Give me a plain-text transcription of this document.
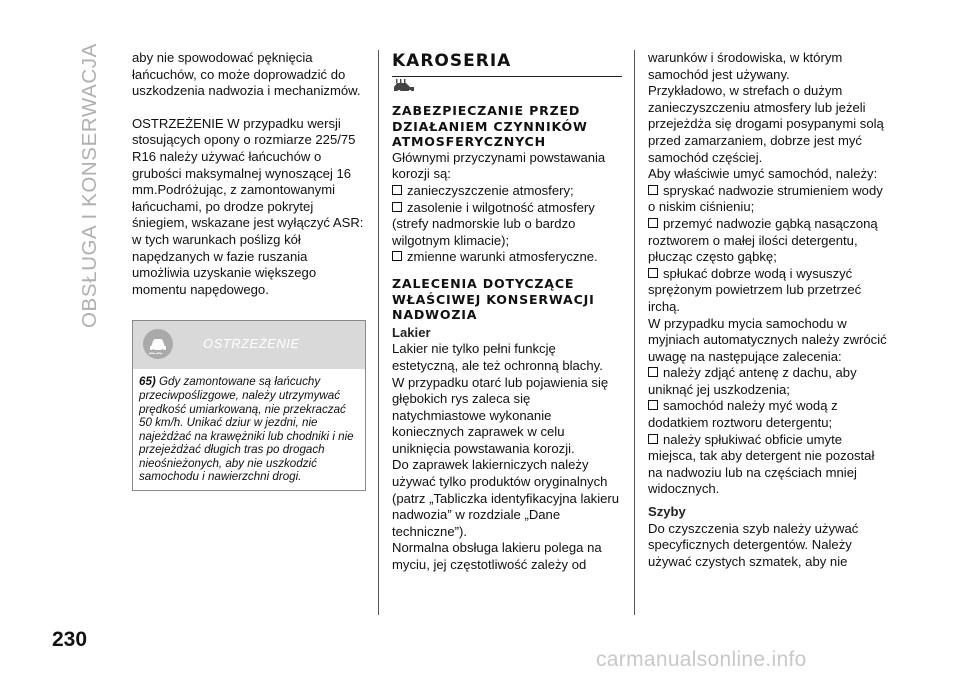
OBSŁUGA I KONSERWACJA
230

aby nie spowodować pęknięcia łańcuchów, co może doprowadzić do uszkodzenia nadwozia i mechanizmów.

OSTRZEŻENIE W przypadku wersji stosujących opony o rozmiarze 225/75 R16 należy używać łańcuchów o grubości maksymalnej wynoszącej 16 mm.Podróżując, z zamontowanymi łańcuchami, po drodze pokrytej śniegiem, wskazane jest wyłączyć ASR: w tych warunkach poślizg kół napędzanych w fazie ruszania umożliwia uzyskanie większego momentu napędowego.

OSTRZEŻENIE
65) Gdy zamontowane są łańcuchy przeciwpoślizgowe, należy utrzymywać prędkość umiarkowaną, nie przekraczać 50 km/h. Unikać dziur w jezdni, nie najeżdżać na krawężniki lub chodniki i nie przejeżdżać długich tras po drogach nieośnieżonych, aby nie uszkodzić samochodu i nawierzchni drogi.
KAROSERIA
ZABEZPIECZANIE PRZED DZIAŁANIEM CZYNNIKÓW ATMOSFERYCZNYCH

Głównymi przyczynami powstawania korozji są:

zanieczyszczenie atmosfery;
zasolenie i wilgotność atmosfery (strefy nadmorskie lub o bardzo wilgotnym klimacie);
zmienne warunki atmosferyczne.
ZALECENIA DOTYCZĄCE WŁAŚCIWEJ KONSERWACJI NADWOZIA
Lakier

Lakier nie tylko pełni funkcję estetyczną, ale też ochronną blachy.

W przypadku otarć lub pojawienia się głębokich rys zaleca się natychmiastowe wykonanie koniecznych zaprawek w celu uniknięcia powstawania korozji.

Do zaprawek lakierniczych należy używać tylko produktów oryginalnych (patrz „Tabliczka identyfikacyjna lakieru nadwozia” w rozdziale „Dane techniczne”).

Normalna obsługa lakieru polega na myciu, jej częstotliwość zależy od

warunków i środowiska, w którym samochód jest używany.

Przykładowo, w strefach o dużym zanieczyszczeniu atmosfery lub jeżeli przejeżdża się drogami posypanymi solą przed zamarzaniem, dobrze jest myć samochód częściej.

Aby właściwie umyć samochód, należy:

spryskać nadwozie strumieniem wody o niskim ciśnieniu;
przemyć nadwozie gąbką nasączoną roztworem o małej ilości detergentu, płucząc często gąbkę;
spłukać dobrze wodą i wysuszyć sprężonym powietrzem lub przetrzeć irchą.

W przypadku mycia samochodu w myjniach automatycznych należy zwrócić uwagę na następujące zalecenia:

należy zdjąć antenę z dachu, aby uniknąć jej uszkodzenia;
samochód należy myć wodą z dodatkiem roztworu detergentu;
należy spłukiwać obficie umyte miejsca, tak aby detergent nie pozostał na nadwoziu lub na częściach mniej widocznych.
Szyby

Do czyszczenia szyb należy używać specyficznych detergentów. Należy używać czystych szmatek, aby nie

carmanualsonline.info
